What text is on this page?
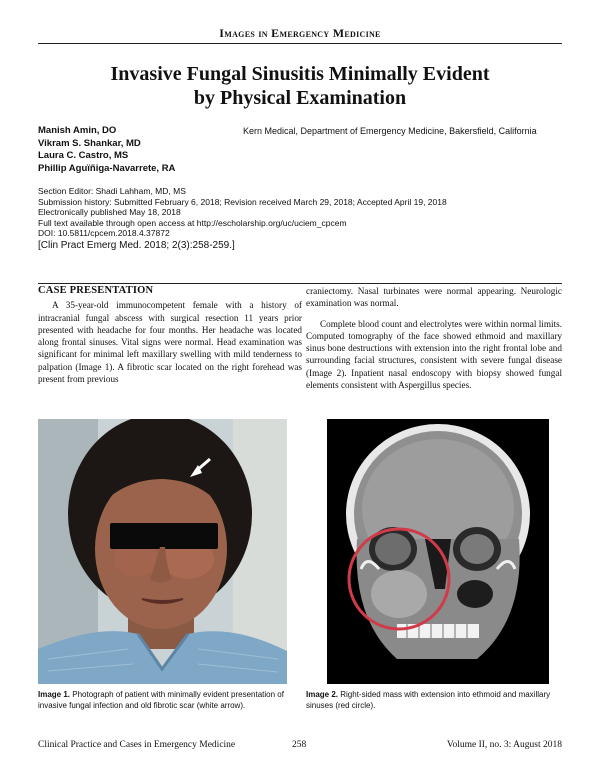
Images in Emergency Medicine
Invasive Fungal Sinusitis Minimally Evident
by Physical Examination
Manish Amin, DO
Vikram S. Shankar, MD
Laura C. Castro, MS
Phillip Aguïñiga-Navarrete, RA
Kern Medical, Department of Emergency Medicine, Bakersfield, California
Section Editor: Shadi Lahham, MD, MS
Submission history: Submitted February 6, 2018; Revision received March 29, 2018; Accepted April 19, 2018
Electronically published May 18, 2018
Full text available through open access at http://escholarship.org/uc/uciem_cpcem
DOI: 10.5811/cpcem.2018.4.37872
[Clin Pract Emerg Med. 2018; 2(3):258-259.]
CASE PRESENTATION

A 35-year-old immunocompetent female with a history of intracranial fungal abscess with surgical resection 11 years prior presented with headache for four months. Her headache was located along frontal sinuses. Vital signs were normal. Head examination was significant for minimal left maxillary swelling with mild tenderness to palpation (Image 1). A fibrotic scar located on the right forehead was present from previous

craniectomy. Nasal turbinates were normal appearing. Neurologic examination was normal.

Complete blood count and electrolytes were within normal limits. Computed tomography of the face showed ethmoid and maxillary sinus bone destructions with extension into the right frontal lobe and surrounding facial structures, consistent with severe fungal disease (Image 2). Inpatient nasal endoscopy with biopsy showed fungal elements consistent with Aspergillus species.

Image 1. Photograph of patient with minimally evident presentation of invasive fungal infection and old fibrotic scar (white arrow).
Image 2. Right-sided mass with extension into ethmoid and maxillary sinuses (red circle).
Clinical Practice and Cases in Emergency Medicine	258	Volume II, no. 3: August 2018
